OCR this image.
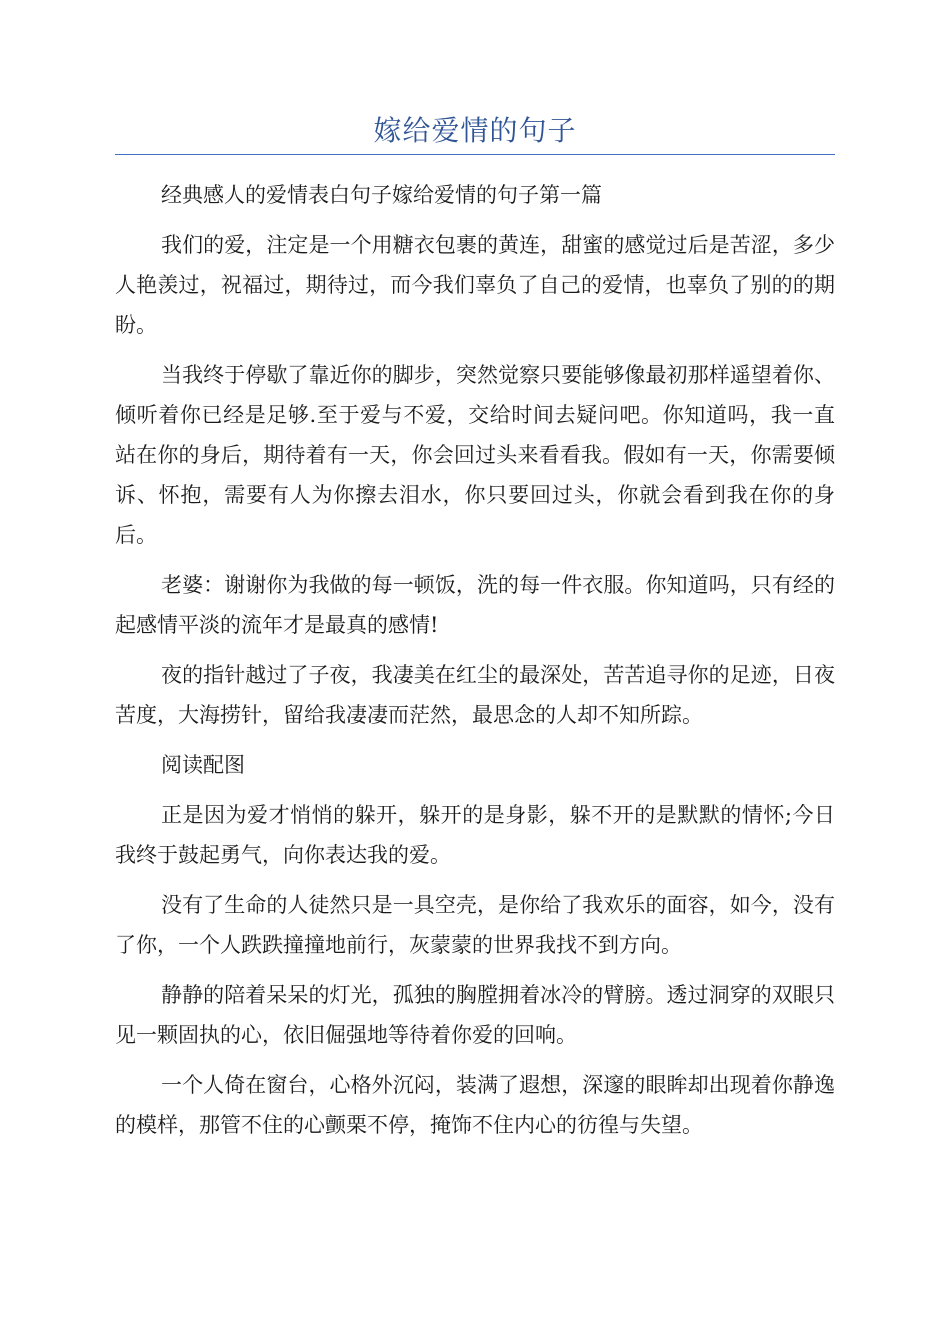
嫁给爱情的句子

经典感人的爱情表白句子嫁给爱情的句子第一篇

我们的爱，注定是一个用糖衣包裹的黄连，甜蜜的感觉过后是苦涩，多少人艳羡过，祝福过，期待过，而今我们辜负了自己的爱情，也辜负了别的的期盼。

当我终于停歇了靠近你的脚步，突然觉察只要能够像最初那样遥望着你、倾听着你已经是足够.至于爱与不爱，交给时间去疑问吧。你知道吗，我一直站在你的身后，期待着有一天，你会回过头来看看我。假如有一天，你需要倾诉、怀抱，需要有人为你擦去泪水，你只要回过头，你就会看到我在你的身后。

老婆：谢谢你为我做的每一顿饭，洗的每一件衣服。你知道吗，只有经的起感情平淡的流年才是最真的感情!

夜的指针越过了子夜，我凄美在红尘的最深处，苦苦追寻你的足迹，日夜苦度，大海捞针，留给我凄凄而茫然，最思念的人却不知所踪。

阅读配图

正是因为爱才悄悄的躲开，躲开的是身影，躲不开的是默默的情怀;今日我终于鼓起勇气，向你表达我的爱。

没有了生命的人徒然只是一具空壳，是你给了我欢乐的面容，如今，没有了你，一个人跌跌撞撞地前行，灰蒙蒙的世界我找不到方向。

静静的陪着呆呆的灯光，孤独的胸膛拥着冰冷的臂膀。透过洞穿的双眼只见一颗固执的心，依旧倔强地等待着你爱的回响。

一个人倚在窗台，心格外沉闷，装满了遐想，深邃的眼眸却出现着你静逸的模样，那管不住的心颤栗不停，掩饰不住内心的彷徨与失望。
